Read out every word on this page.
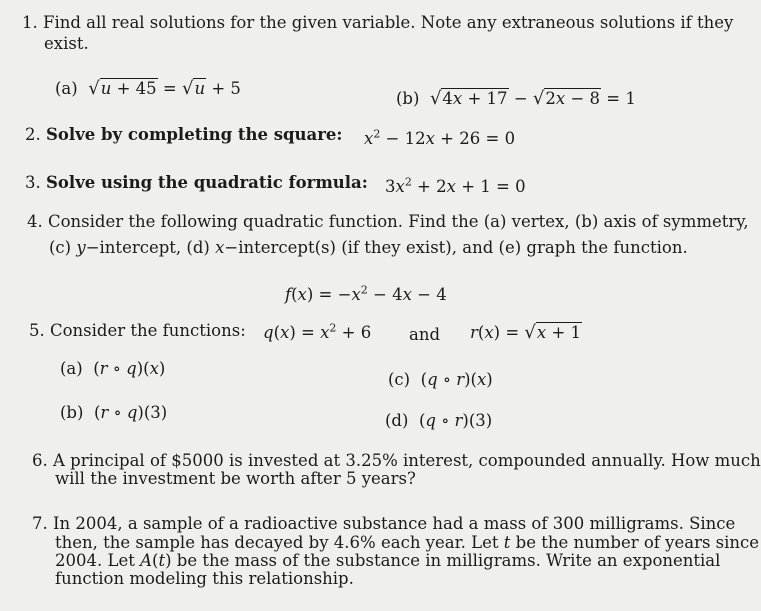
1. Find all real solutions for the given variable. Note any extraneous solutions if they
exist.
(a) √u + 45 = √u + 5
(b) √4x + 17 − √2x − 8 = 1
2. Solve by completing the square: $x^2 - 12x + 26 = 0$
3. Solve using the quadratic formula: $3x^2 + 2x + 1 = 0$
4. Consider the following quadratic function. Find the (a) vertex, (b) axis of symmetry,
(c) y−intercept, (d) x−intercept(s) (if they exist), and (e) graph the function.
$f(x) = -x^2 - 4x - 4$
5. Consider the functions: $q(x) = x^2 + 6$ and r(x) = √x + 1
(a) (r ∘ q)(x)
(c) (q ∘ r)(x)
(b) (r ∘ q)(3)	(d) (q ∘ r)(3)
6. A principal of $5000 is invested at 3.25% interest, compounded annually. How much
will the investment be worth after 5 years?
7. In 2004, a sample of a radioactive substance had a mass of 300 milligrams. Since
then, the sample has decayed by 4.6% each year. Let t be the number of years since
2004. Let A(t) be the mass of the substance in milligrams. Write an exponential
function modeling this relationship.
